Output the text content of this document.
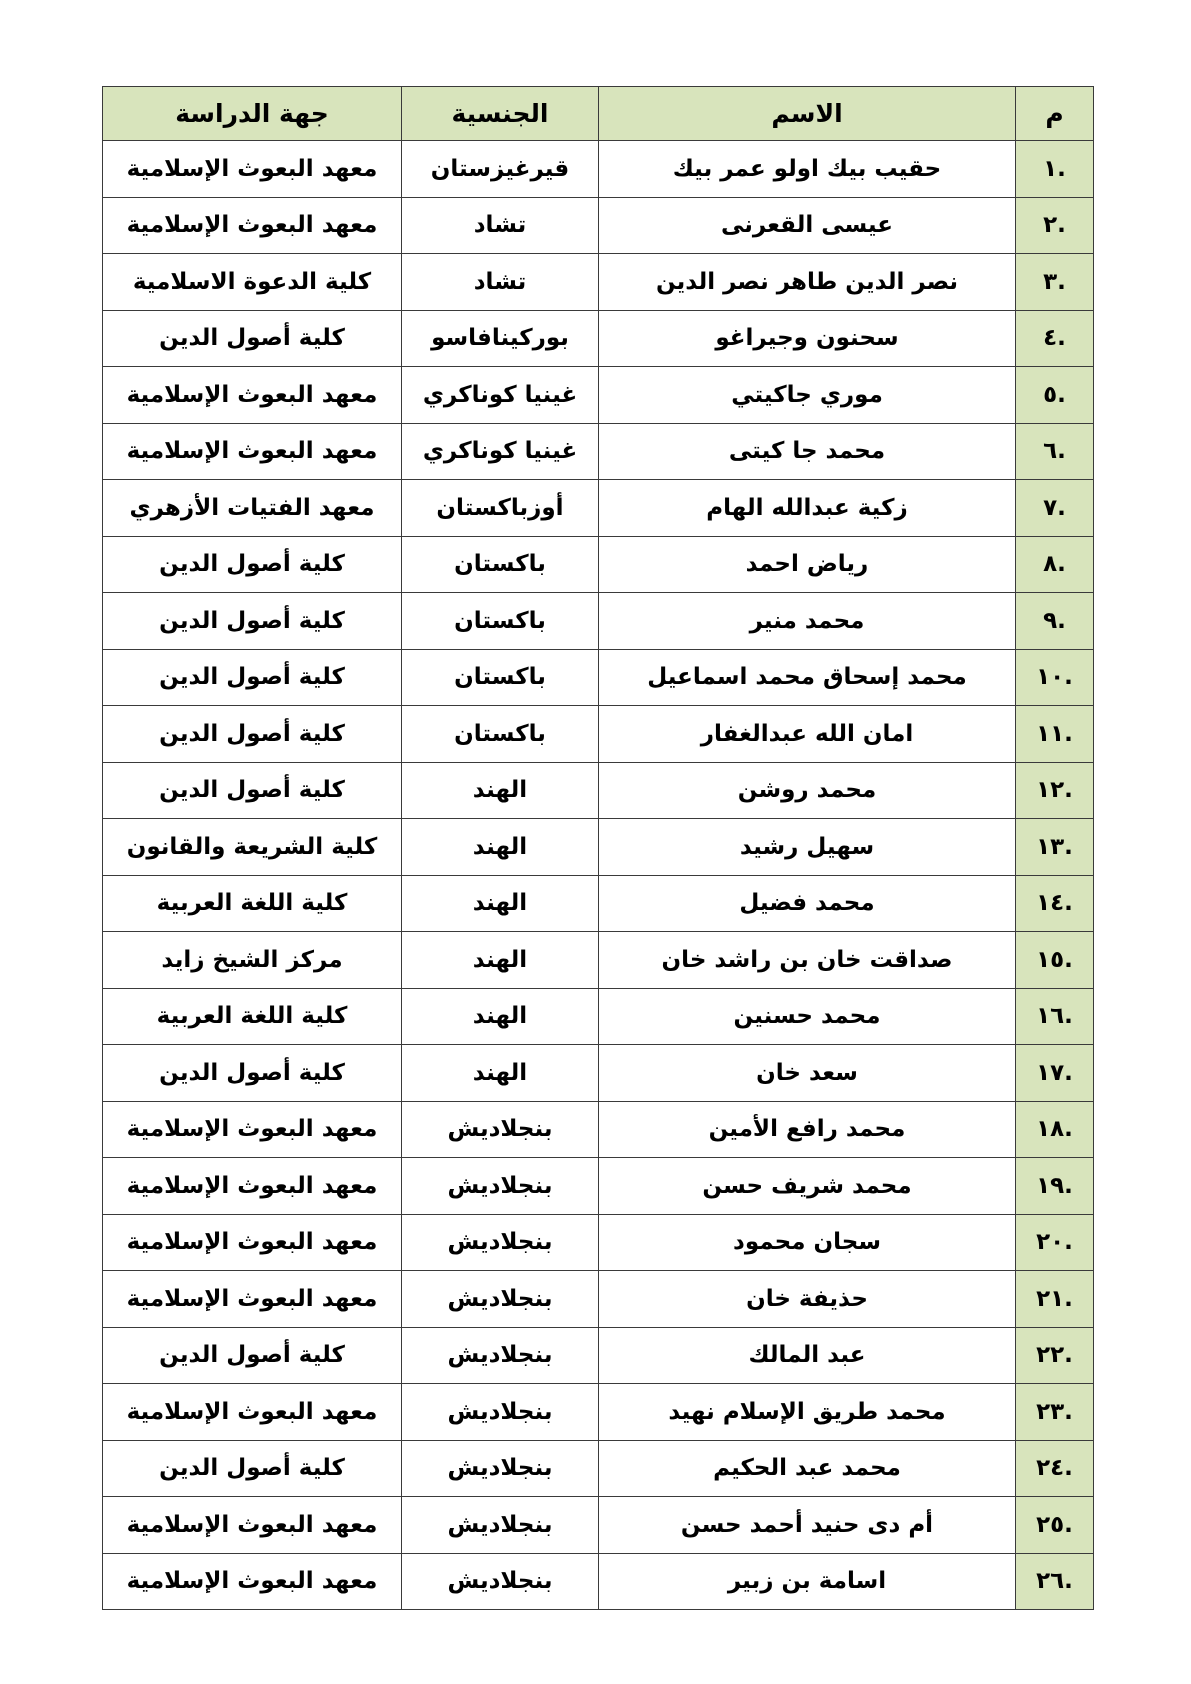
م	الاسم	الجنسية	جهة الدراسة
.١	حقيب بيك اولو عمر بيك	قيرغيزستان	معهد البعوث الإسلامية
.٢	عيسى القعرنى	تشاد	معهد البعوث الإسلامية
.٣	نصر الدين طاهر نصر الدين	تشاد	كلية الدعوة الاسلامية
.٤	سحنون وجيراغو	بوركينافاسو	كلية أصول الدين
.٥	موري جاكيتي	غينيا كوناكري	معهد البعوث الإسلامية
.٦	محمد جا كيتى	غينيا كوناكري	معهد البعوث الإسلامية
.٧	زكية عبدالله الهام	أوزباكستان	معهد الفتيات الأزهري
.٨	رياض احمد	باكستان	كلية أصول الدين
.٩	محمد منير	باكستان	كلية أصول الدين
.١٠	محمد إسحاق محمد اسماعيل	باكستان	كلية أصول الدين
.١١	امان الله عبدالغفار	باكستان	كلية أصول الدين
.١٢	محمد روشن	الهند	كلية أصول الدين
.١٣	سهيل رشيد	الهند	كلية الشريعة والقانون
.١٤	محمد فضيل	الهند	كلية اللغة العربية
.١٥	صداقت خان بن راشد خان	الهند	مركز الشيخ زايد
.١٦	محمد حسنين	الهند	كلية اللغة العربية
.١٧	سعد خان	الهند	كلية أصول الدين
.١٨	محمد رافع الأمين	بنجلاديش	معهد البعوث الإسلامية
.١٩	محمد شريف حسن	بنجلاديش	معهد البعوث الإسلامية
.٢٠	سجان محمود	بنجلاديش	معهد البعوث الإسلامية
.٢١	حذيفة خان	بنجلاديش	معهد البعوث الإسلامية
.٢٢	عبد المالك	بنجلاديش	كلية أصول الدين
.٢٣	محمد طريق الإسلام نهيد	بنجلاديش	معهد البعوث الإسلامية
.٢٤	محمد عبد الحكيم	بنجلاديش	كلية أصول الدين
.٢٥	أم دى حنيد أحمد حسن	بنجلاديش	معهد البعوث الإسلامية
.٢٦	اسامة بن زبير	بنجلاديش	معهد البعوث الإسلامية
